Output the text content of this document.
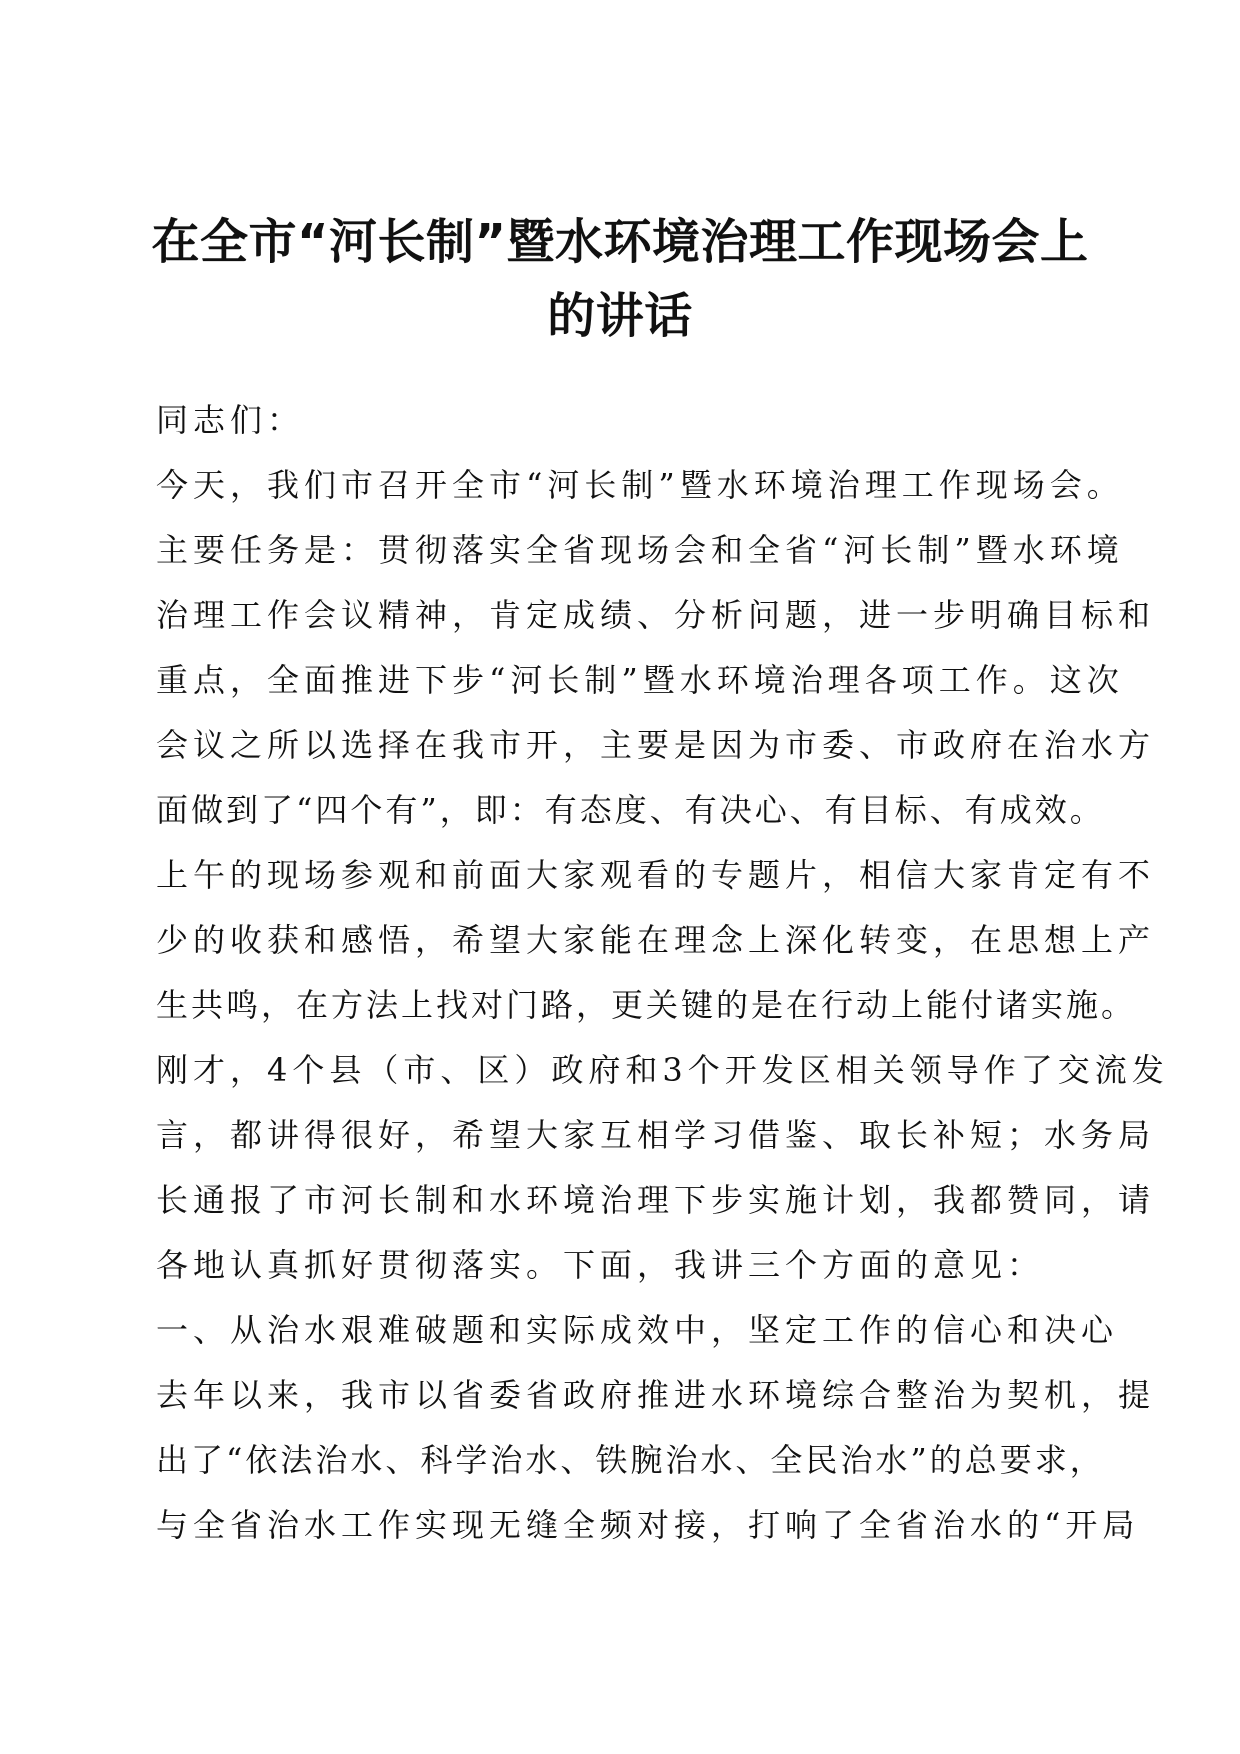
在全市“河长制”暨水环境治理工作现场会上
的讲话
同志们：
今天，我们市召开全市“河长制”暨水环境治理工作现场会。
主要任务是：贯彻落实全省现场会和全省“河长制”暨水环境
治理工作会议精神，肯定成绩、分析问题，进一步明确目标和
重点，全面推进下步“河长制”暨水环境治理各项工作。这次
会议之所以选择在我市开，主要是因为市委、市政府在治水方
面做到了“四个有”，即：有态度、有决心、有目标、有成效。
上午的现场参观和前面大家观看的专题片，相信大家肯定有不
少的收获和感悟，希望大家能在理念上深化转变，在思想上产
生共鸣，在方法上找对门路，更关键的是在行动上能付诸实施。
刚才，4个县（市、区）政府和3个开发区相关领导作了交流发
言，都讲得很好，希望大家互相学习借鉴、取长补短；水务局
长通报了市河长制和水环境治理下步实施计划，我都赞同，请
各地认真抓好贯彻落实。下面，我讲三个方面的意见：
一、从治水艰难破题和实际成效中，坚定工作的信心和决心
去年以来，我市以省委省政府推进水环境综合整治为契机，提
出了“依法治水、科学治水、铁腕治水、全民治水”的总要求，
与全省治水工作实现无缝全频对接，打响了全省治水的“开局
